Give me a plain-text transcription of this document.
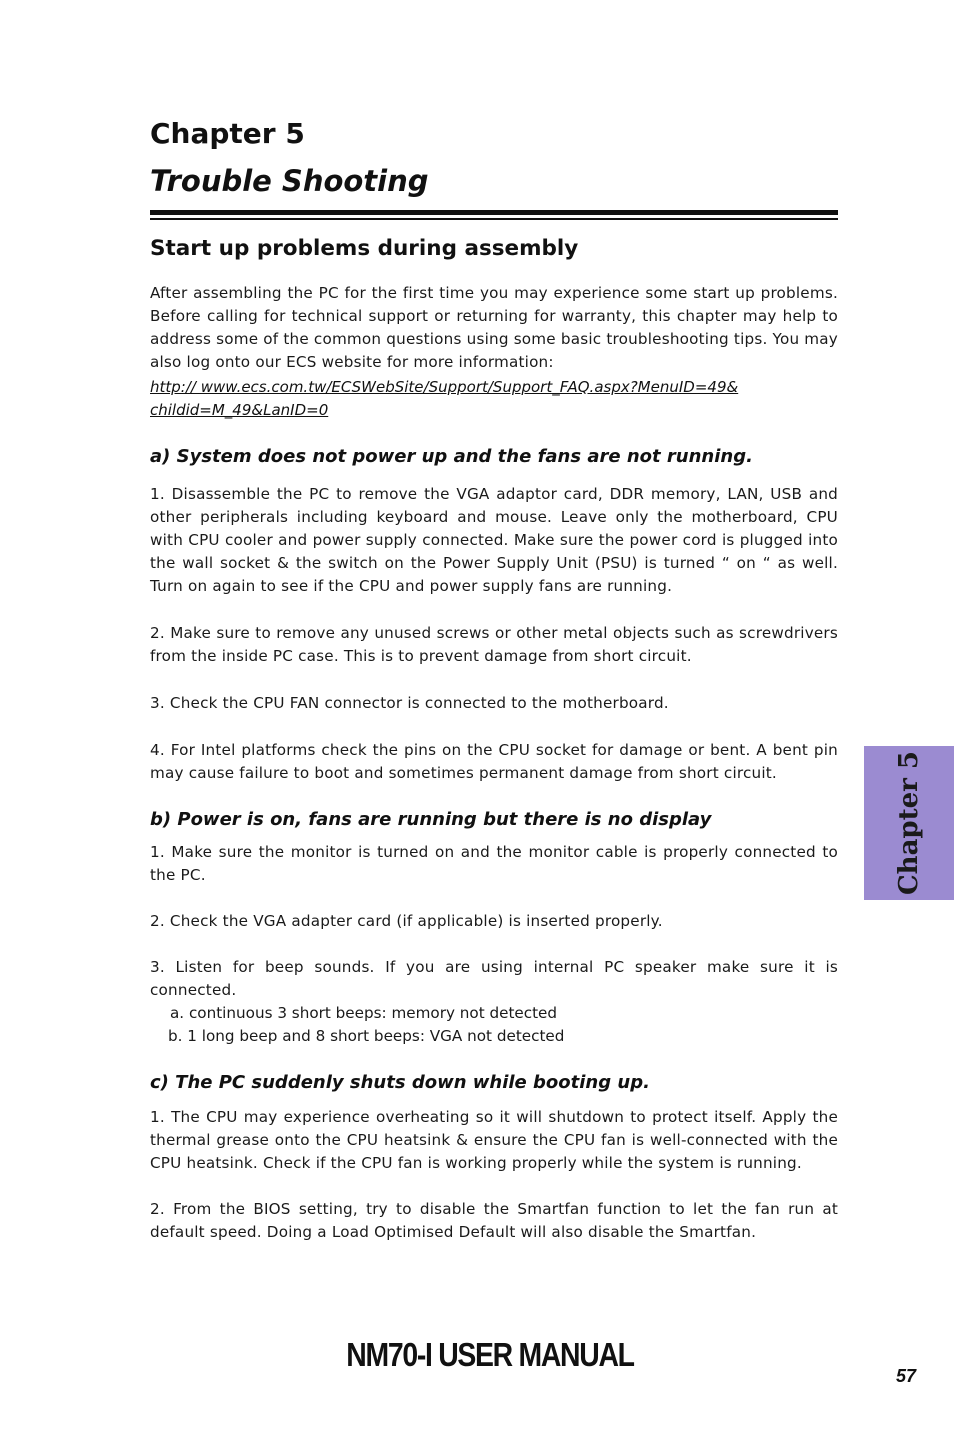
Chapter 5
Trouble Shooting
Start up problems during assembly

After assembling the PC for the first time you may experience some start up problems. Before calling for technical support or returning for warranty, this chapter may help to address some of the common questions using some basic troubleshooting tips. You may also log onto our ECS website for more information:

http:// www.ecs.com.tw/ECSWebSite/Support/Support_FAQ.aspx?MenuID=49&
childid=M_49&LanID=0
a) System does not power up and the fans are not running.

1. Disassemble the PC to remove the VGA adaptor card, DDR memory, LAN, USB and other peripherals including keyboard and mouse. Leave only the motherboard, CPU with CPU cooler and power supply connected. Make sure the power cord is plugged into the wall socket & the switch on the Power Supply Unit (PSU) is turned “ on “ as well. Turn on again to see if the CPU and power supply fans are running.

2. Make sure to remove any unused screws or other metal objects such as screwdrivers from the inside PC case. This is to prevent damage from short circuit.

3. Check the CPU FAN connector is connected to the motherboard.

4. For Intel platforms check the pins on the CPU socket for damage or bent. A bent pin may cause failure to boot and sometimes permanent damage from short circuit.

b) Power is on, fans are running but there is no display

1. Make sure the monitor is turned on and the monitor cable is properly connected to the PC.

2. Check the VGA adapter card (if applicable) is inserted properly.

3. Listen for beep sounds. If you are using internal PC speaker make sure it is connected.

a. continuous 3 short beeps: memory not detected
b. 1 long beep and 8 short beeps: VGA not detected
c) The PC suddenly shuts down while booting up.

1. The CPU may experience overheating so it will shutdown to protect itself. Apply the thermal grease onto the CPU heatsink & ensure the CPU fan is well-connected with the CPU heatsink. Check if the CPU fan is working properly while the system is running.

2. From the BIOS setting, try to disable the Smartfan function to let the fan run at default speed. Doing a Load Optimised Default will also disable the Smartfan.

Chapter 5
NM70-I USER MANUAL
57
